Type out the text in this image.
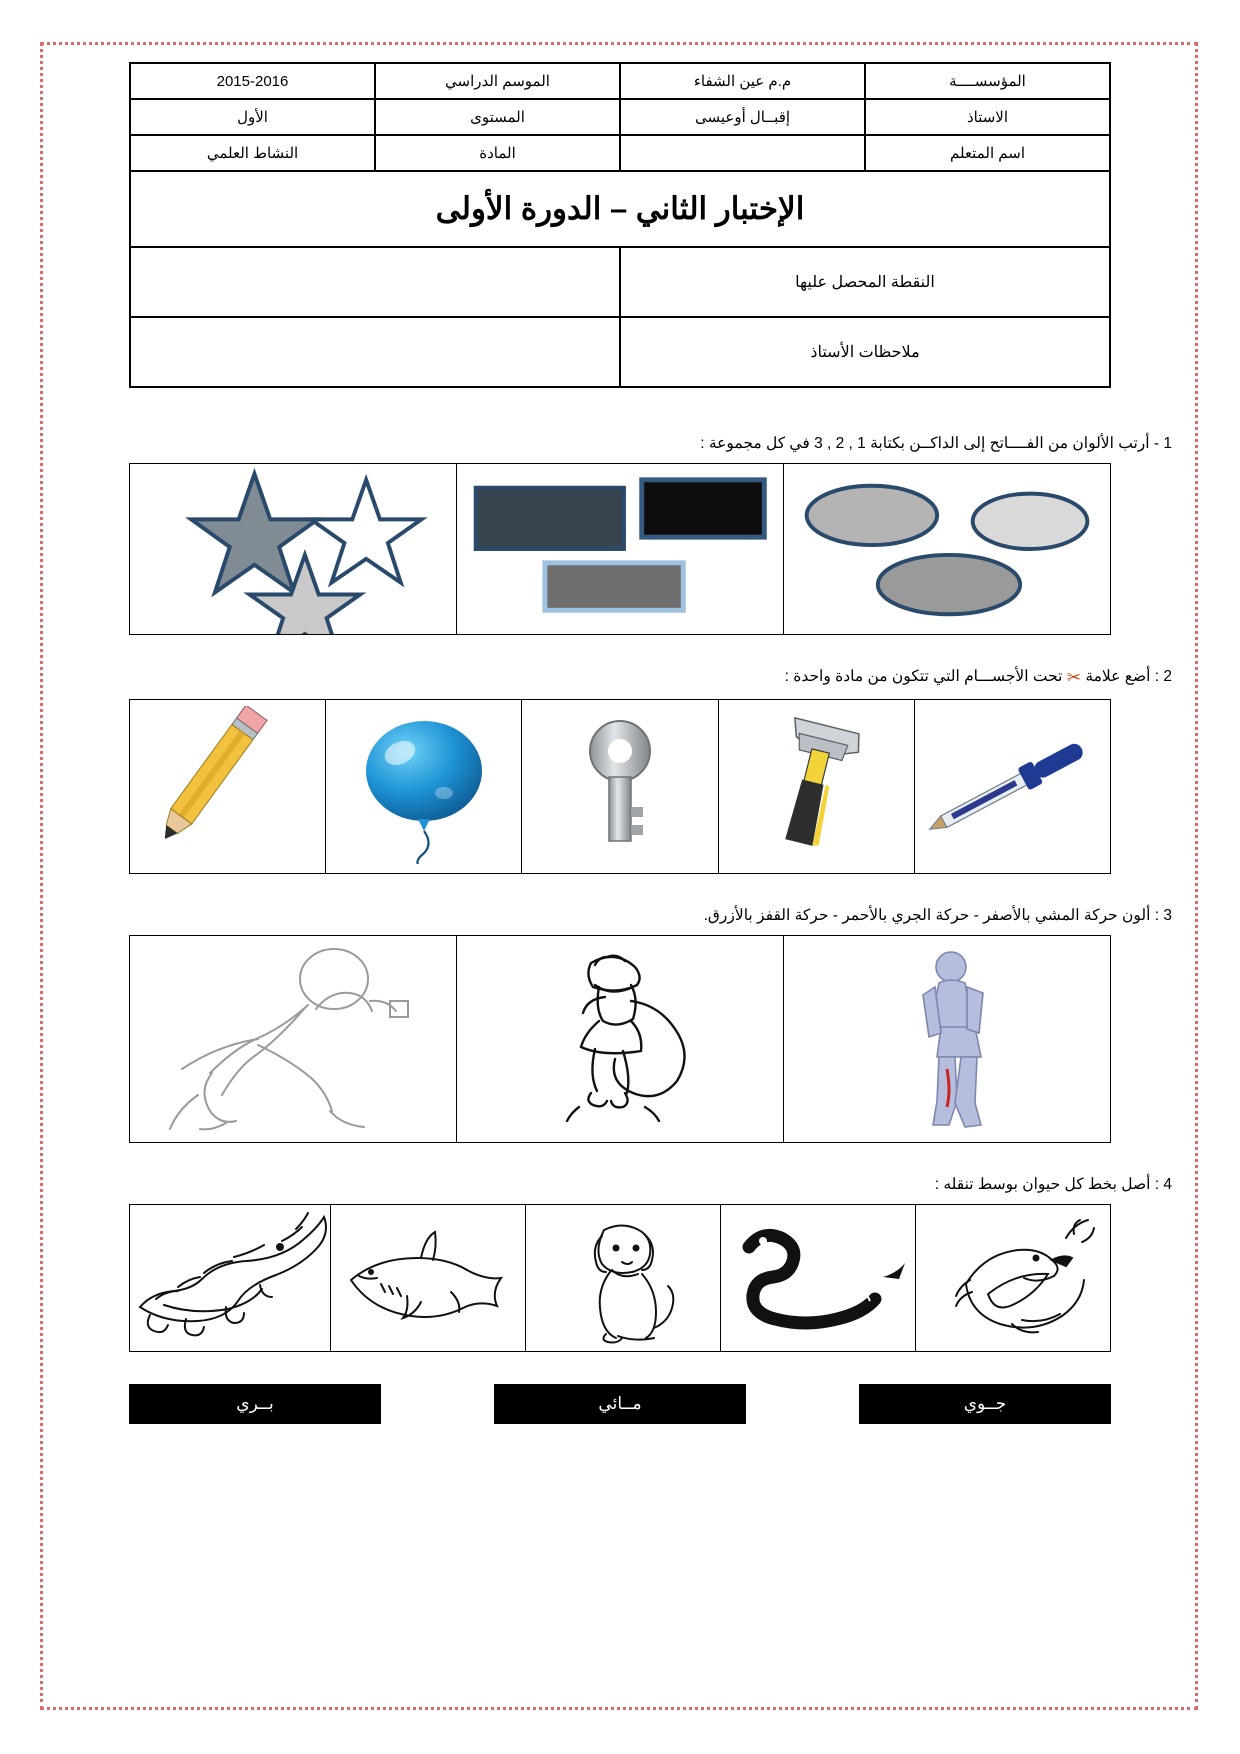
المؤسســــة	م.م عين الشفاء	الموسم الدراسي	2015-2016
الاستاذ	إقبــال أوعيسى	المستوى	الأول
اسم المتعلم		المادة	النشاط العلمي
الإختبار الثاني – الدورة الأولى			
النقطة المحصل عليها			
ملاحظات الأستاذ			
1 - أرتب الألوان من الفــــاتح إلى الداكــن بكتابة 1 , 2 , 3 في كل مجموعة :
2 : أضع علامة ✂ تحت الأجســـام التي تتكون من مادة واحدة :
3 : ألون حركة المشي بالأصفر - حركة الجري بالأحمر - حركة القفز بالأزرق.
4 : أصل بخط كل حيوان بوسط تنقله :
جــوي
مــائي
بــري
